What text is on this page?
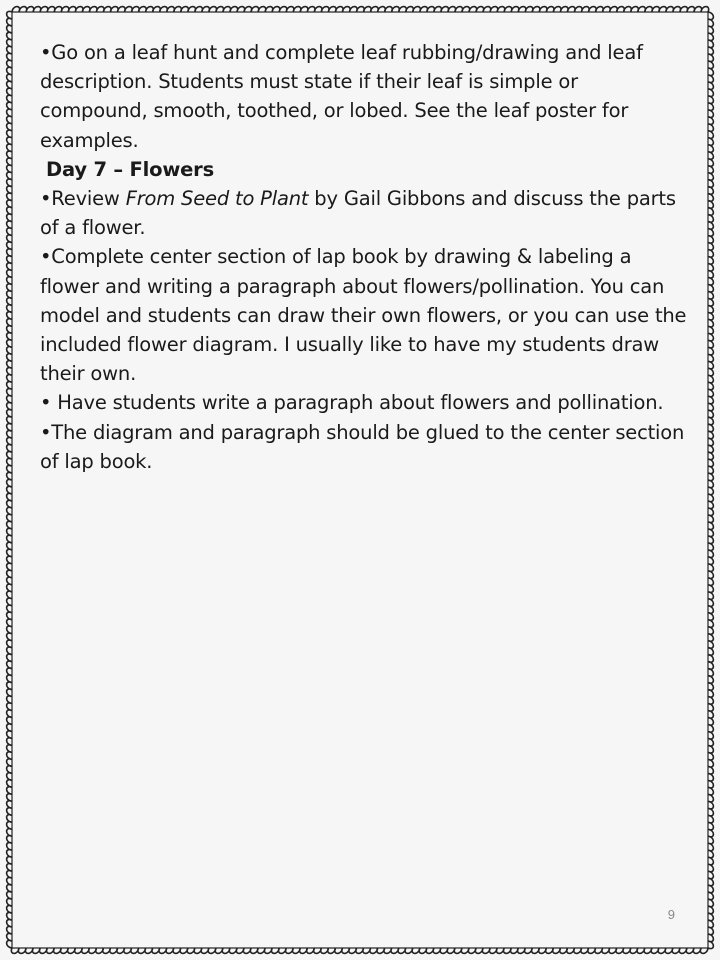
•Go on a leaf hunt and complete leaf rubbing/drawing and leaf description. Students must state if their leaf is simple or compound, smooth, toothed, or lobed. See the leaf poster for examples.

Day 7 – Flowers

•Review From Seed to Plant by Gail Gibbons and discuss the parts of a flower.

•Complete center section of lap book by drawing & labeling a flower and writing a paragraph about flowers/pollination. You can model and students can draw their own flowers, or you can use the included flower diagram. I usually like to have my students draw their own.

• Have students write a paragraph about flowers and pollination.

•The diagram and paragraph should be glued to the center section of lap book.

9
